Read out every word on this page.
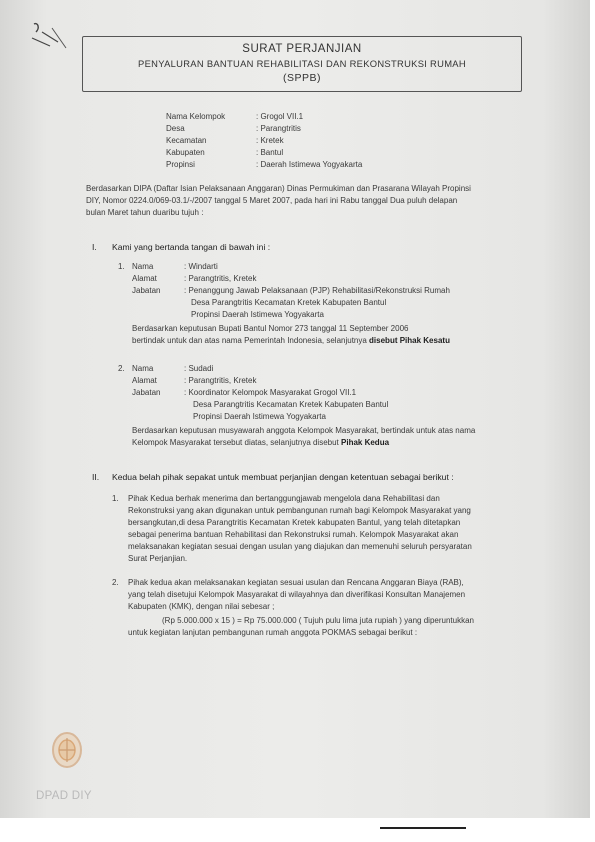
SURAT PERJANJIAN
PENYALURAN BANTUAN REHABILITASI DAN REKONSTRUKSI RUMAH
(SPPB)
Nama Kelompok	: Grogol VII.1
Desa	: Parangtritis
Kecamatan	: Kretek
Kabupaten	: Bantul
Propinsi	: Daerah Istimewa Yogyakarta
Berdasarkan DIPA (Daftar Isian Pelaksanaan Anggaran) Dinas Permukiman dan Prasarana Wilayah Propinsi
DIY, Nomor 0224.0/069-03.1/-/2007 tanggal 5 Maret 2007, pada hari ini Rabu tanggal Dua puluh delapan
bulan Maret tahun duaribu tujuh :
I. Kami yang bertanda tangan di bawah ini :
1. Nama	: Windarti
Alamat	: Parangtritis, Kretek
Jabatan	: Penanggung Jawab Pelaksanaan (PJP) Rehabilitasi/Rekonstruksi Rumah
Desa Parangtritis Kecamatan Kretek Kabupaten Bantul
Propinsi Daerah Istimewa Yogyakarta
Berdasarkan keputusan Bupati Bantul Nomor 273 tanggal 11 September 2006
bertindak untuk dan atas nama Pemerintah Indonesia, selanjutnya disebut Pihak Kesatu
2. Nama	: Sudadi
Alamat	: Parangtritis, Kretek
Jabatan	: Koordinator Kelompok Masyarakat Grogol VII.1
Desa Parangtritis Kecamatan Kretek Kabupaten Bantul
Propinsi Daerah Istimewa Yogyakarta
Berdasarkan keputusan musyawarah anggota Kelompok Masyarakat, bertindak untuk atas nama
Kelompok Masyarakat tersebut diatas, selanjutnya disebut Pihak Kedua
II. Kedua belah pihak sepakat untuk membuat perjanjian dengan ketentuan sebagai berikut :
1. Pihak Kedua berhak menerima dan bertanggungjawab mengelola dana Rehabilitasi dan
Rekonstruksi yang akan digunakan untuk pembangunan rumah bagi Kelompok Masyarakat yang
bersangkutan,di desa Parangtritis Kecamatan Kretek kabupaten Bantul, yang telah ditetapkan
sebagai penerima bantuan Rehabilitasi dan Rekonstruksi rumah. Kelompok Masyarakat akan
melaksanakan kegiatan sesuai dengan usulan yang diajukan dan memenuhi seluruh persyaratan
Surat Perjanjian.
2. Pihak kedua akan melaksanakan kegiatan sesuai usulan dan Rencana Anggaran Biaya (RAB),
yang telah disetujui Kelompok Masyarakat di wilayahnya dan diverifikasi Konsultan Manajemen
Kabupaten (KMK), dengan nilai sebesar ;
(Rp 5.000.000 x 15 ) = Rp 75.000.000 ( Tujuh pulu lima juta rupiah ) yang diperuntukkan
untuk kegiatan lanjutan pembangunan rumah anggota POKMAS sebagai berikut :
DPAD DIY
